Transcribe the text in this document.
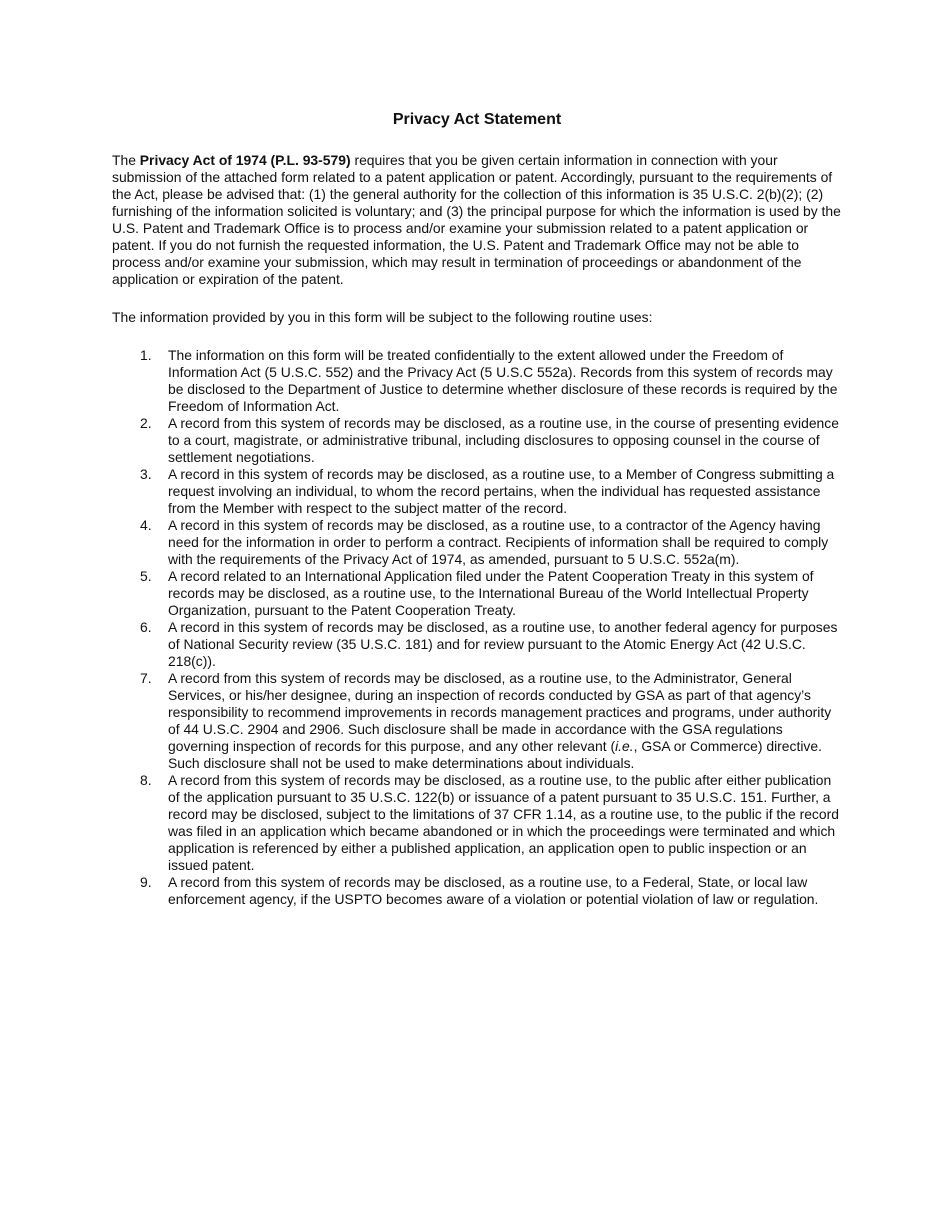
Privacy Act Statement

The Privacy Act of 1974 (P.L. 93-579) requires that you be given certain information in connection with your submission of the attached form related to a patent application or patent. Accordingly, pursuant to the requirements of the Act, please be advised that: (1) the general authority for the collection of this information is 35 U.S.C. 2(b)(2); (2) furnishing of the information solicited is voluntary; and (3) the principal purpose for which the information is used by the U.S. Patent and Trademark Office is to process and/or examine your submission related to a patent application or patent. If you do not furnish the requested information, the U.S. Patent and Trademark Office may not be able to process and/or examine your submission, which may result in termination of proceedings or abandonment of the application or expiration of the patent.

The information provided by you in this form will be subject to the following routine uses:

1. The information on this form will be treated confidentially to the extent allowed under the Freedom of Information Act (5 U.S.C. 552) and the Privacy Act (5 U.S.C 552a). Records from this system of records may be disclosed to the Department of Justice to determine whether disclosure of these records is required by the Freedom of Information Act.
2. A record from this system of records may be disclosed, as a routine use, in the course of presenting evidence to a court, magistrate, or administrative tribunal, including disclosures to opposing counsel in the course of settlement negotiations.
3. A record in this system of records may be disclosed, as a routine use, to a Member of Congress submitting a request involving an individual, to whom the record pertains, when the individual has requested assistance from the Member with respect to the subject matter of the record.
4. A record in this system of records may be disclosed, as a routine use, to a contractor of the Agency having need for the information in order to perform a contract. Recipients of information shall be required to comply with the requirements of the Privacy Act of 1974, as amended, pursuant to 5 U.S.C. 552a(m).
5. A record related to an International Application filed under the Patent Cooperation Treaty in this system of records may be disclosed, as a routine use, to the International Bureau of the World Intellectual Property Organization, pursuant to the Patent Cooperation Treaty.
6. A record in this system of records may be disclosed, as a routine use, to another federal agency for purposes of National Security review (35 U.S.C. 181) and for review pursuant to the Atomic Energy Act (42 U.S.C. 218(c)).
7. A record from this system of records may be disclosed, as a routine use, to the Administrator, General Services, or his/her designee, during an inspection of records conducted by GSA as part of that agency’s responsibility to recommend improvements in records management practices and programs, under authority of 44 U.S.C. 2904 and 2906. Such disclosure shall be made in accordance with the GSA regulations governing inspection of records for this purpose, and any other relevant (i.e., GSA or Commerce) directive. Such disclosure shall not be used to make determinations about individuals.
8. A record from this system of records may be disclosed, as a routine use, to the public after either publication of the application pursuant to 35 U.S.C. 122(b) or issuance of a patent pursuant to 35 U.S.C. 151. Further, a record may be disclosed, subject to the limitations of 37 CFR 1.14, as a routine use, to the public if the record was filed in an application which became abandoned or in which the proceedings were terminated and which application is referenced by either a published application, an application open to public inspection or an issued patent.
9. A record from this system of records may be disclosed, as a routine use, to a Federal, State, or local law enforcement agency, if the USPTO becomes aware of a violation or potential violation of law or regulation.
